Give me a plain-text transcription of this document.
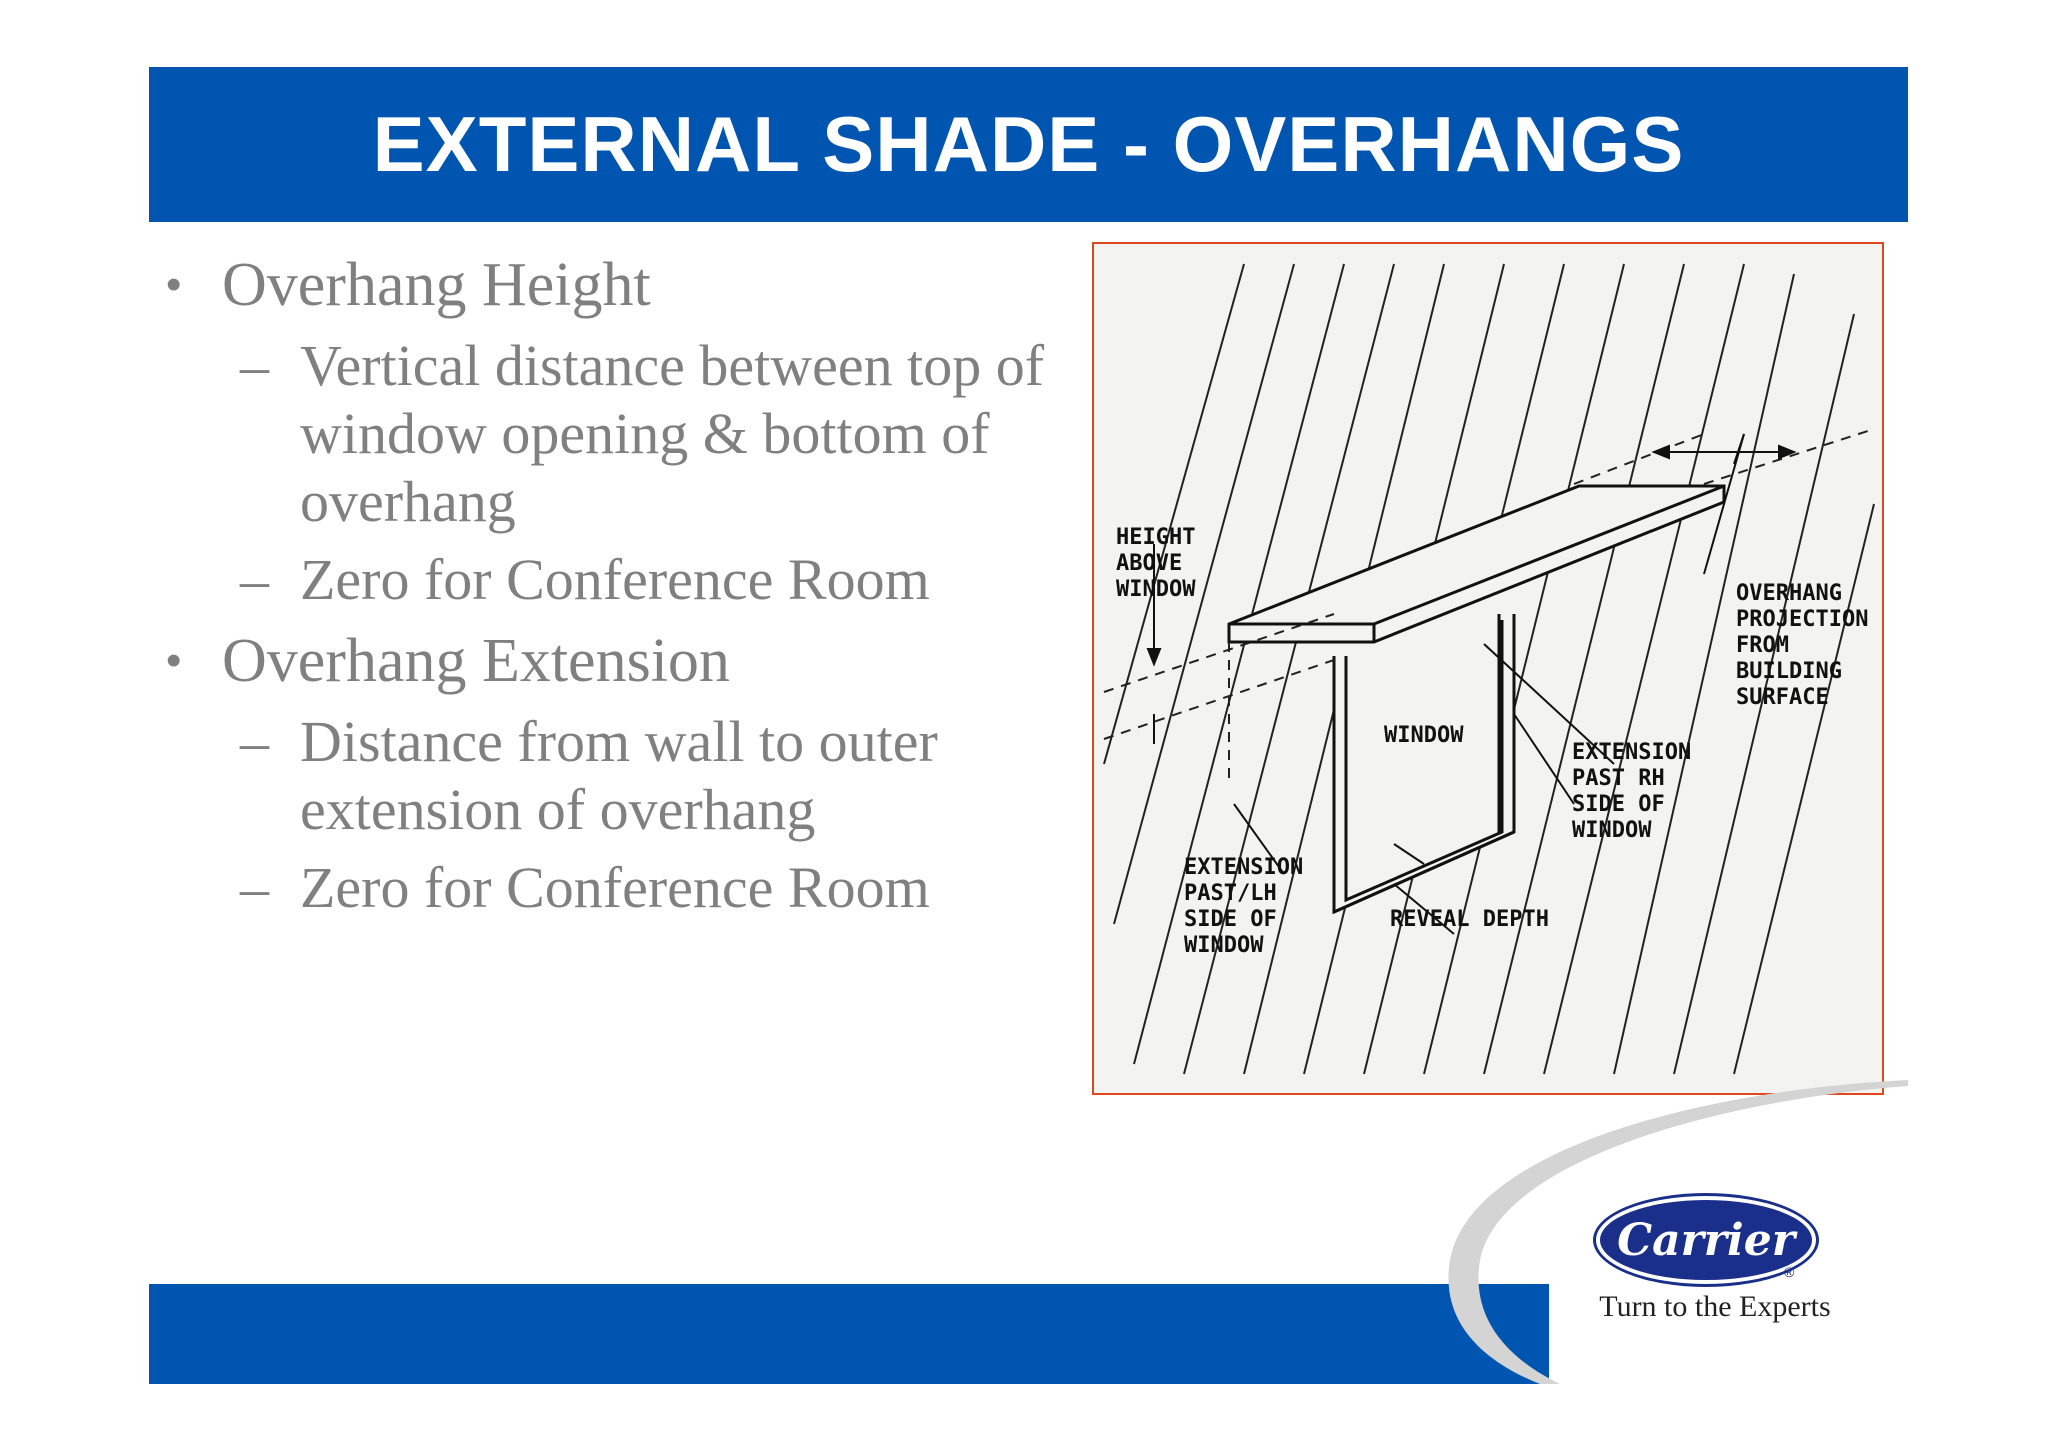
EXTERNAL SHADE - OVERHANGS
• Overhang Height
– Vertical distance between top of window opening & bottom of overhang
– Zero for Conference Room
• Overhang Extension
– Distance from wall to outer extension of overhang
– Zero for Conference Room
HEIGHT ABOVE WINDOW
WINDOW
OVERHANG PROJECTION FROM BUILDING SURFACE
EXTENSION PAST RH SIDE OF WINDOW
EXTENSION PAST/LH SIDE OF WINDOW
REVEAL DEPTH
Carrier
®
Turn to the Experts
